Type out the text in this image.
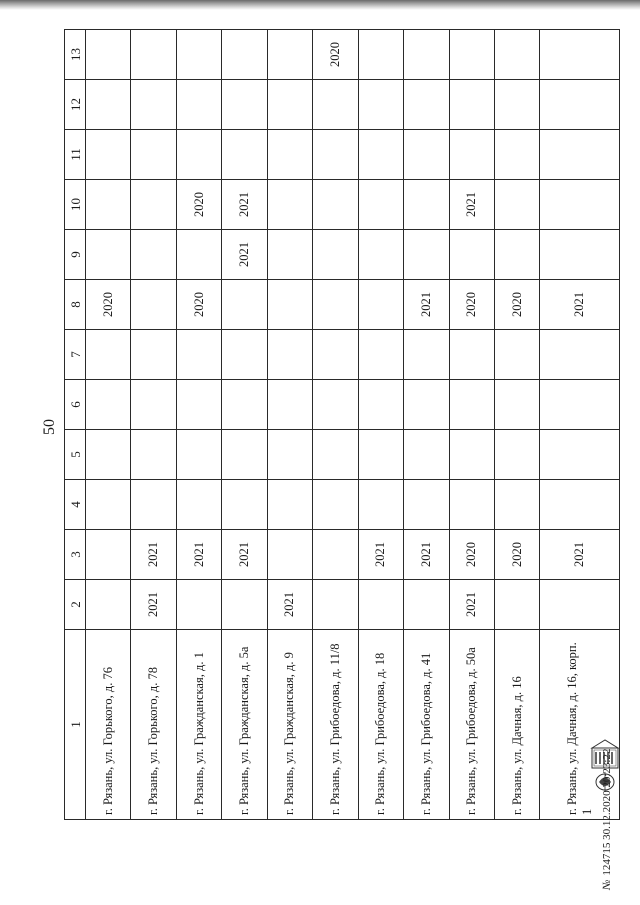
50
1	2	3	4	5	6	7	8	9	10	11	12	13
г. Рязань, ул. Горького, д. 76							2020					
г. Рязань, ул. Горького, д. 78	2021	2021										
г. Рязань, ул. Гражданская, д. 1		2021					2020		2020			
г. Рязань, ул. Гражданская, д. 5а		2021						2021	2021			
г. Рязань, ул. Гражданская, д. 9	2021											
г. Рязань, ул. Грибоедова, д. 11/8												2020
г. Рязань, ул. Грибоедова, д. 18		2021										
г. Рязань, ул. Грибоедова, д. 41		2021					2021					
г. Рязань, ул. Грибоедова, д. 50а	2021	2020					2020		2021			
г. Рязань, ул. Дачная, д. 16		2020					2020					
г. Рязань, ул. Дачная, д. 16, корп. 1		2021					2021					
№124715 30.12.2020 20:23:22
